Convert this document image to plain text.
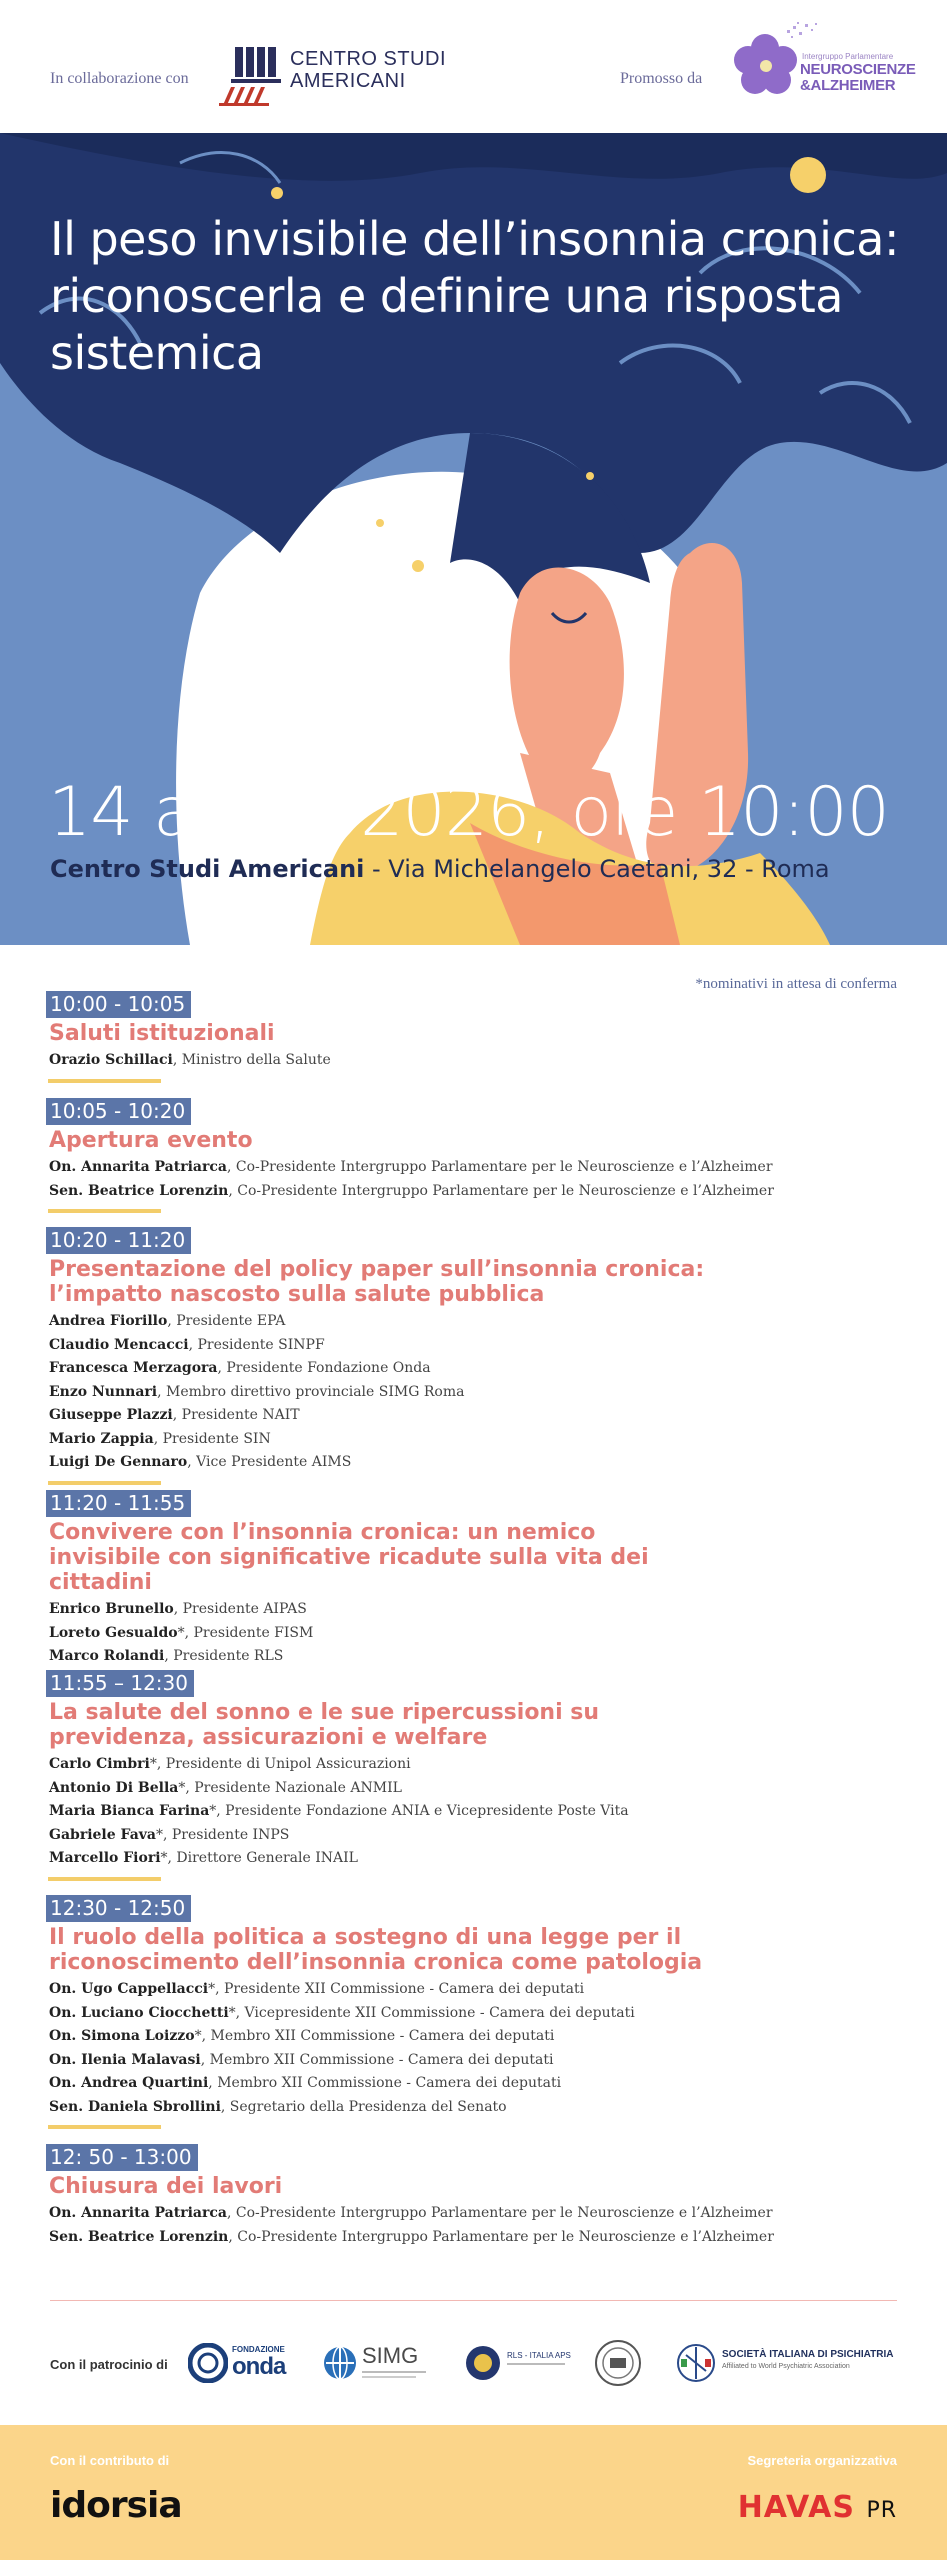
In collaborazione con
CENTRO STUDI
AMERICANI	Promosso da
Intergruppo Parlamentare
NEUROSCIENZE
&ALZHEIMER
Il peso invisibile dell’insonnia cronica: riconoscerla e definire una risposta sistemica
14 aprile 2026, ore 10:00
Centro Studi Americani - Via Michelangelo Caetani, 32 - Roma
*nominativi in attesa di conferma
10:00 - 10:05
Saluti istituzionali
Orazio Schillaci, Ministro della Salute
10:05 - 10:20
Apertura evento
On. Annarita Patriarca, Co-Presidente Intergruppo Parlamentare per le Neuroscienze e l’Alzheimer
Sen. Beatrice Lorenzin, Co-Presidente Intergruppo Parlamentare per le Neuroscienze e l’Alzheimer
10:20 - 11:20
Presentazione del policy paper sull’insonnia cronica: l’impatto nascosto sulla salute pubblica
Andrea Fiorillo, Presidente EPA
Claudio Mencacci, Presidente SINPF
Francesca Merzagora, Presidente Fondazione Onda
Enzo Nunnari, Membro direttivo provinciale SIMG Roma
Giuseppe Plazzi, Presidente NAIT
Mario Zappia, Presidente SIN
Luigi De Gennaro, Vice Presidente AIMS
11:20 - 11:55
Convivere con l’insonnia cronica: un nemico invisibile con significative ricadute sulla vita dei cittadini
Enrico Brunello, Presidente AIPAS
Loreto Gesualdo*, Presidente FISM
Marco Rolandi, Presidente RLS
11:55 – 12:30
La salute del sonno e le sue ripercussioni su previdenza, assicurazioni e welfare
Carlo Cimbri*, Presidente di Unipol Assicurazioni
Antonio Di Bella*, Presidente Nazionale ANMIL
Maria Bianca Farina*, Presidente Fondazione ANIA e Vicepresidente Poste Vita
Gabriele Fava*, Presidente INPS
Marcello Fiori*, Direttore Generale INAIL
12:30 - 12:50
Il ruolo della politica a sostegno di una legge per il riconoscimento dell’insonnia cronica come patologia
On. Ugo Cappellacci*, Presidente XII Commissione - Camera dei deputati
On. Luciano Ciocchetti*, Vicepresidente XII Commissione - Camera dei deputati
On. Simona Loizzo*, Membro XII Commissione - Camera dei deputati
On. Ilenia Malavasi, Membro XII Commissione - Camera dei deputati
On. Andrea Quartini, Membro XII Commissione - Camera dei deputati
Sen. Daniela Sbrollini, Segretario della Presidenza del Senato
12: 50 - 13:00
Chiusura dei lavori
On. Annarita Patriarca, Co-Presidente Intergruppo Parlamentare per le Neuroscienze e l’Alzheimer
Sen. Beatrice Lorenzin, Co-Presidente Intergruppo Parlamentare per le Neuroscienze e l’Alzheimer
Con il patrocinio di
FONDAZIONE
onda	SIMG	RLS - ITALIA APS	SOCIETÀ ITALIANA DI PSICHIATRIA
Affiliated to World Psychiatric Association
Con il contributo di	Segreteria organizzativa
idorsia	HAVAS PR
